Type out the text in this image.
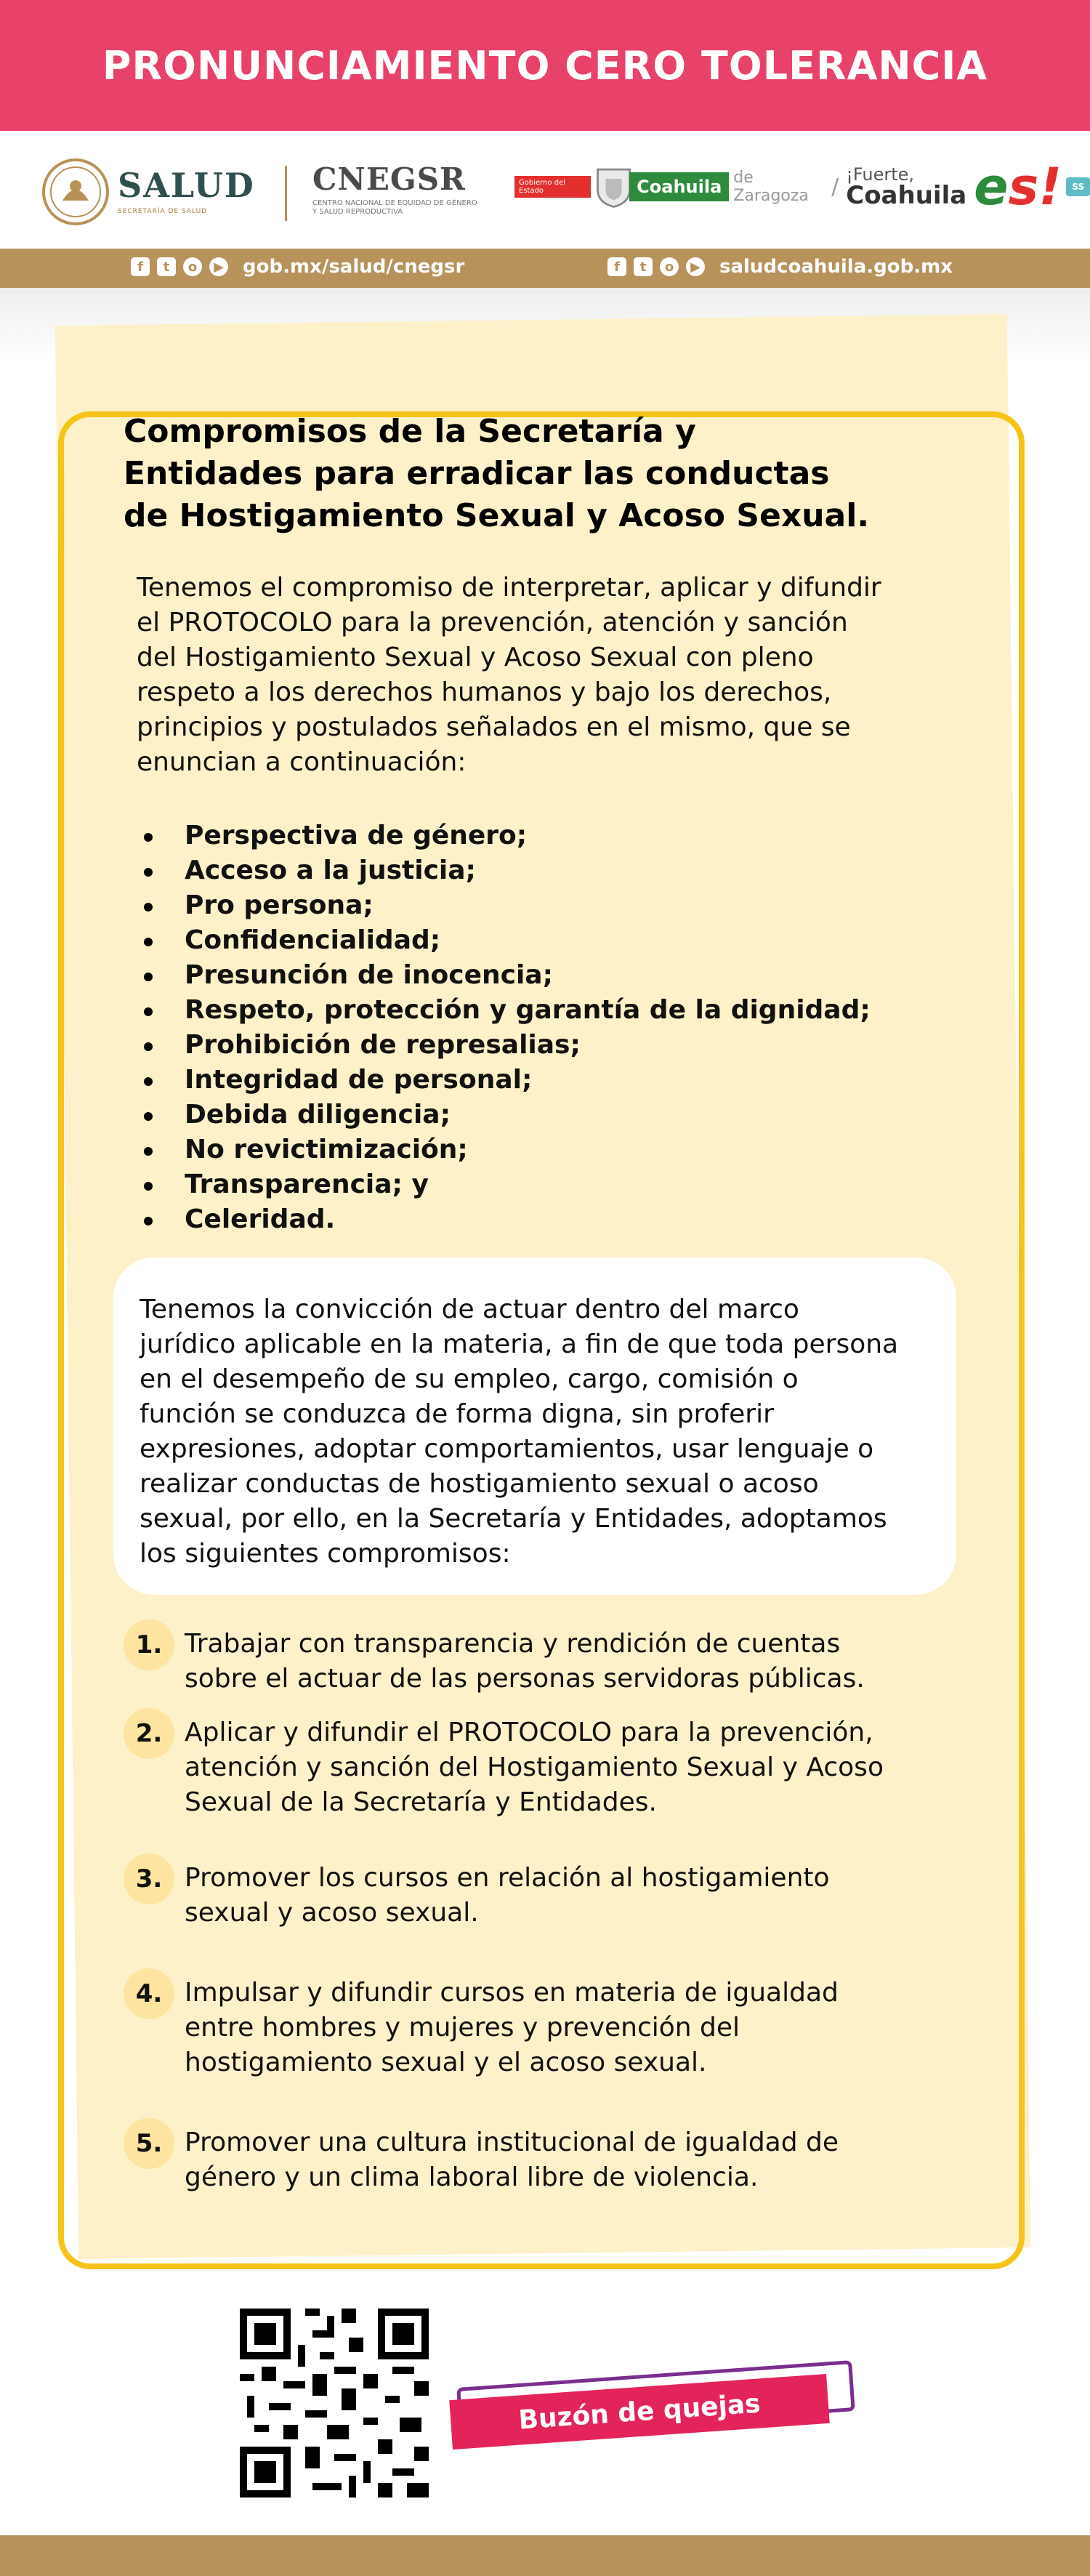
PRONUNCIAMIENTO CERO TOLERANCIA
SALUD
SECRETARÍA DE SALUD
CNEGSR
CENTRO NACIONAL DE EQUIDAD DE GÉNERO Y SALUD REPRODUCTIVA
Gobierno del Estado	Coahuila de Zaragoza	/ ¡Fuerte,
Coahuila es!	SS
f	t	o	▶ gob.mx/salud/cnegsr	f	t	o	▶ saludcoahuila.gob.mx
Compromisos de la Secretaría y
Entidades para erradicar las conductas
de Hostigamiento Sexual y Acoso Sexual.
Tenemos el compromiso de interpretar, aplicar y difundir
el PROTOCOLO para la prevención, atención y sanción
del Hostigamiento Sexual y Acoso Sexual con pleno
respeto a los derechos humanos y bajo los derechos,
principios y postulados señalados en el mismo, que se
enuncian a continuación:
Perspectiva de género;
Acceso a la justicia;
Pro persona;
Confidencialidad;
Presunción de inocencia;
Respeto, protección y garantía de la dignidad;
Prohibición de represalias;
Integridad de personal;
Debida diligencia;
No revictimización;
Transparencia; y
Celeridad.
Tenemos la convicción de actuar dentro del marco
jurídico aplicable en la materia, a fin de que toda persona
en el desempeño de su empleo, cargo, comisión o
función se conduzca de forma digna, sin proferir
expresiones, adoptar comportamientos, usar lenguaje o
realizar conductas de hostigamiento sexual o acoso
sexual, por ello, en la Secretaría y Entidades, adoptamos
los siguientes compromisos:
1. Trabajar con transparencia y rendición de cuentas
sobre el actuar de las personas servidoras públicas.
2. Aplicar y difundir el PROTOCOLO para la prevención,
atención y sanción del Hostigamiento Sexual y Acoso
Sexual de la Secretaría y Entidades.
3. Promover los cursos en relación al hostigamiento
sexual y acoso sexual.
4. Impulsar y difundir cursos en materia de igualdad
entre hombres y mujeres y prevención del
hostigamiento sexual y el acoso sexual.
5. Promover una cultura institucional de igualdad de
género y un clima laboral libre de violencia.
Buzón de quejas
